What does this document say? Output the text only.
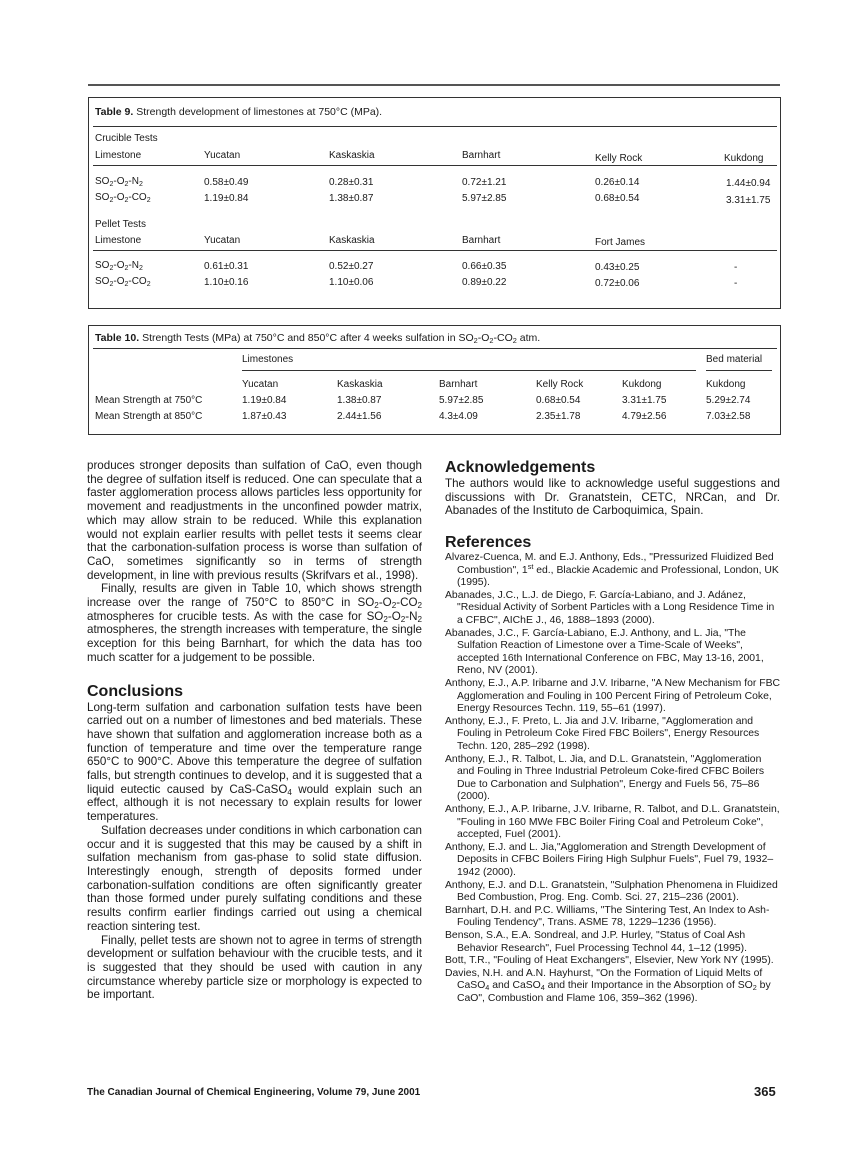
Table 9. Strength development of limestones at 750°C (MPa).
Crucible Tests
Limestone	Yucatan	Kaskaskia	Barnhart	Kelly Rock	Kukdong
$SO_2-O_2-N_2$	0.58±0.49	0.28±0.31	0.72±1.21	0.26±0.14	1.44±0.94
$SO_2-O_2-CO_2$	1.19±0.84	1.38±0.87	5.97±2.85	0.68±0.54	3.31±1.75
Pellet Tests
Limestone	Yucatan	Kaskaskia	Barnhart	Fort James
$SO_2-O_2-N_2$	0.61±0.31	0.52±0.27	0.66±0.35	0.43±0.25	-
$SO_2-O_2-CO_2$	1.10±0.16	1.10±0.06	0.89±0.22	0.72±0.06	-
Table 10. Strength Tests (MPa) at 750°C and 850°C after 4 weeks sulfation in $SO_2-O_2-CO_2$ atm.
Limestones	Bed material
Yucatan	Kaskaskia	Barnhart	Kelly Rock	Kukdong	Kukdong
Mean Strength at 750°C	1.19±0.84	1.38±0.87	5.97±2.85	0.68±0.54	3.31±1.75	5.29±2.74
Mean Strength at 850°C	1.87±0.43	2.44±1.56	4.3±4.09	2.35±1.78	4.79±2.56	7.03±2.58

produces stronger deposits than sulfation of CaO, even though the degree of sulfation itself is reduced. One can speculate that a faster agglomeration process allows particles less opportunity for movement and readjustments in the unconfined powder matrix, which may allow strain to be reduced. While this explanation would not explain earlier results with pellet tests it seems clear that the carbonation-sulfation process is worse than sulfation of CaO, sometimes significantly so in terms of strength development, in line with previous results (Skrifvars et al., 1998).

Finally, results are given in Table 10, which shows strength increase over the range of 750°C to 850°C in $SO_2-O_2-CO_2$ atmospheres for crucible tests. As with the case for $SO_2-O_2-N_2$ atmospheres, the strength increases with temperature, the single exception for this being Barnhart, for which the data has too much scatter for a judgement to be possible.

Conclusions

Long-term sulfation and carbonation sulfation tests have been carried out on a number of limestones and bed materials. These have shown that sulfation and agglomeration increase both as a function of temperature and time over the temperature range 650°C to 900°C. Above this temperature the degree of sulfation falls, but strength continues to develop, and it is suggested that a liquid eutectic caused by CaS-CaSO$_4$ would explain such an effect, although it is not necessary to explain results for lower temperatures.

Sulfation decreases under conditions in which carbonation can occur and it is suggested that this may be caused by a shift in sulfation mechanism from gas-phase to solid state diffusion. Interestingly enough, strength of deposits formed under carbonation-sulfation conditions are often significantly greater than those formed under purely sulfating conditions and these results confirm earlier findings carried out using a chemical reaction sintering test.

Finally, pellet tests are shown not to agree in terms of strength development or sulfation behaviour with the crucible tests, and it is suggested that they should be used with caution in any circumstance whereby particle size or morphology is expected to be important.

Acknowledgements

The authors would like to acknowledge useful suggestions and discussions with Dr. Granatstein, CETC, NRCan, and Dr. Abanades of the Instituto de Carboquimica, Spain.

References

Alvarez-Cuenca, M. and E.J. Anthony, Eds., "Pressurized Fluidized Bed Combustion", 1st ed., Blackie Academic and Professional, London, UK (1995).

Abanades, J.C., L.J. de Diego, F. García-Labiano, and J. Adánez, "Residual Activity of Sorbent Particles with a Long Residence Time in a CFBC", AIChE J., 46, 1888–1893 (2000).

Abanades, J.C., F. García-Labiano, E.J. Anthony, and L. Jia, "The Sulfation Reaction of Limestone over a Time-Scale of Weeks", accepted 16th International Conference on FBC, May 13-16, 2001, Reno, NV (2001).

Anthony, E.J., A.P. Iribarne and J.V. Iribarne, "A New Mechanism for FBC Agglomeration and Fouling in 100 Percent Firing of Petroleum Coke, Energy Resources Techn. 119, 55–61 (1997).

Anthony, E.J., F. Preto, L. Jia and J.V. Iribarne, "Agglomeration and Fouling in Petroleum Coke Fired FBC Boilers", Energy Resources Techn. 120, 285–292 (1998).

Anthony, E.J., R. Talbot, L. Jia, and D.L. Granatstein, "Agglomeration and Fouling in Three Industrial Petroleum Coke-fired CFBC Boilers Due to Carbonation and Sulphation", Energy and Fuels 56, 75–86 (2000).

Anthony, E.J., A.P. Iribarne, J.V. Iribarne, R. Talbot, and D.L. Granatstein, "Fouling in 160 MWe FBC Boiler Firing Coal and Petroleum Coke", accepted, Fuel (2001).

Anthony, E.J. and L. Jia,"Agglomeration and Strength Development of Deposits in CFBC Boilers Firing High Sulphur Fuels", Fuel 79, 1932–1942 (2000).

Anthony, E.J. and D.L. Granatstein, "Sulphation Phenomena in Fluidized Bed Combustion, Prog. Eng. Comb. Sci. 27, 215–236 (2001).

Barnhart, D.H. and P.C. Williams, "The Sintering Test, An Index to Ash-Fouling Tendency", Trans. ASME 78, 1229–1236 (1956).

Benson, S.A., E.A. Sondreal, and J.P. Hurley, "Status of Coal Ash Behavior Research", Fuel Processing Technol 44, 1–12 (1995).

Bott, T.R., "Fouling of Heat Exchangers", Elsevier, New York NY (1995).

Davies, N.H. and A.N. Hayhurst, "On the Formation of Liquid Melts of CaSO$_4$ and CaSO$_4$ and their Importance in the Absorption of $SO_2$ by CaO", Combustion and Flame 106, 359–362 (1996).

The Canadian Journal of Chemical Engineering, Volume 79, June 2001	365
